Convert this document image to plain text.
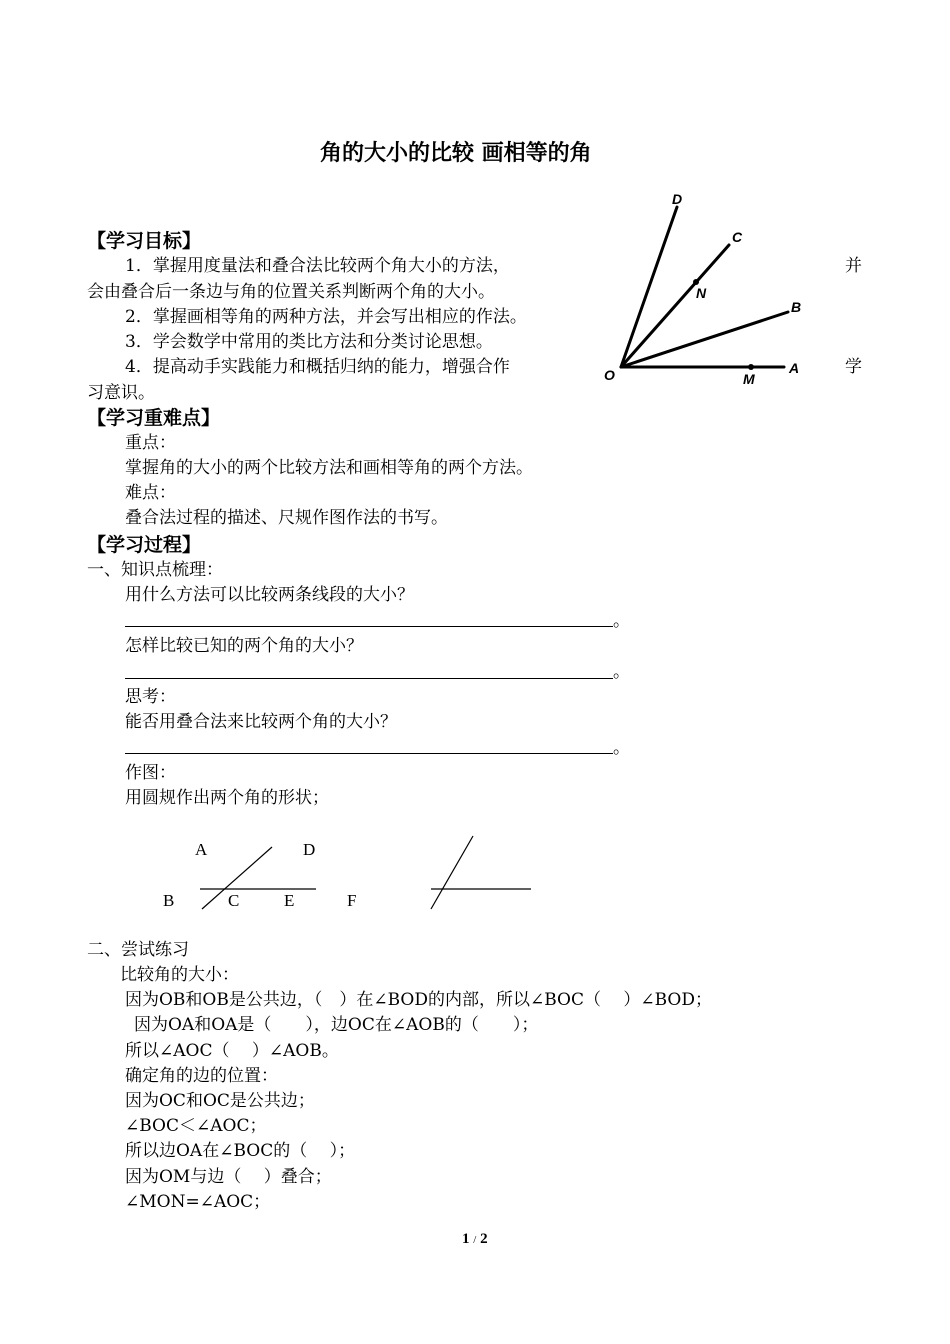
角的大小的比较 画相等的角
【学习目标】
1．掌握用度量法和叠合法比较两个角大小的方法，	并
会由叠合后一条边与角的位置关系判断两个角的大小。
2．掌握画相等角的两种方法，并会写出相应的作法。
3．学会数学中常用的类比方法和分类讨论思想。
4．提高动手实践能力和概括归纳的能力，增强合作	学
习意识。
D
C
N
B
O	M
A
【学习重难点】
重点：
掌握角的大小的两个比较方法和画相等角的两个方法。
难点：
叠合法过程的描述、尺规作图作法的书写。
【学习过程】
一、知识点梳理：
用什么方法可以比较两条线段的大小？
。
怎样比较已知的两个角的大小？
。
思考：
能否用叠合法来比较两个角的大小？
。
作图：
用圆规作出两个角的形状；
A	D
B	C	E	F
二、尝试练习
比较角的大小：
因为OB和OB是公共边，（　）在∠BOD的内部，所以∠BOC（　 ）∠BOD；
因为OA和OA是（　　），边OC在∠AOB的（　　）；
所以∠AOC（　 ）∠AOB。
确定角的边的位置：
因为OC和OC是公共边；
∠BOC＜∠AOC；
所以边OA在∠BOC的（　 ）；
因为OM与边（　 ）叠合；
∠MON=∠AOC；
1 / 2
